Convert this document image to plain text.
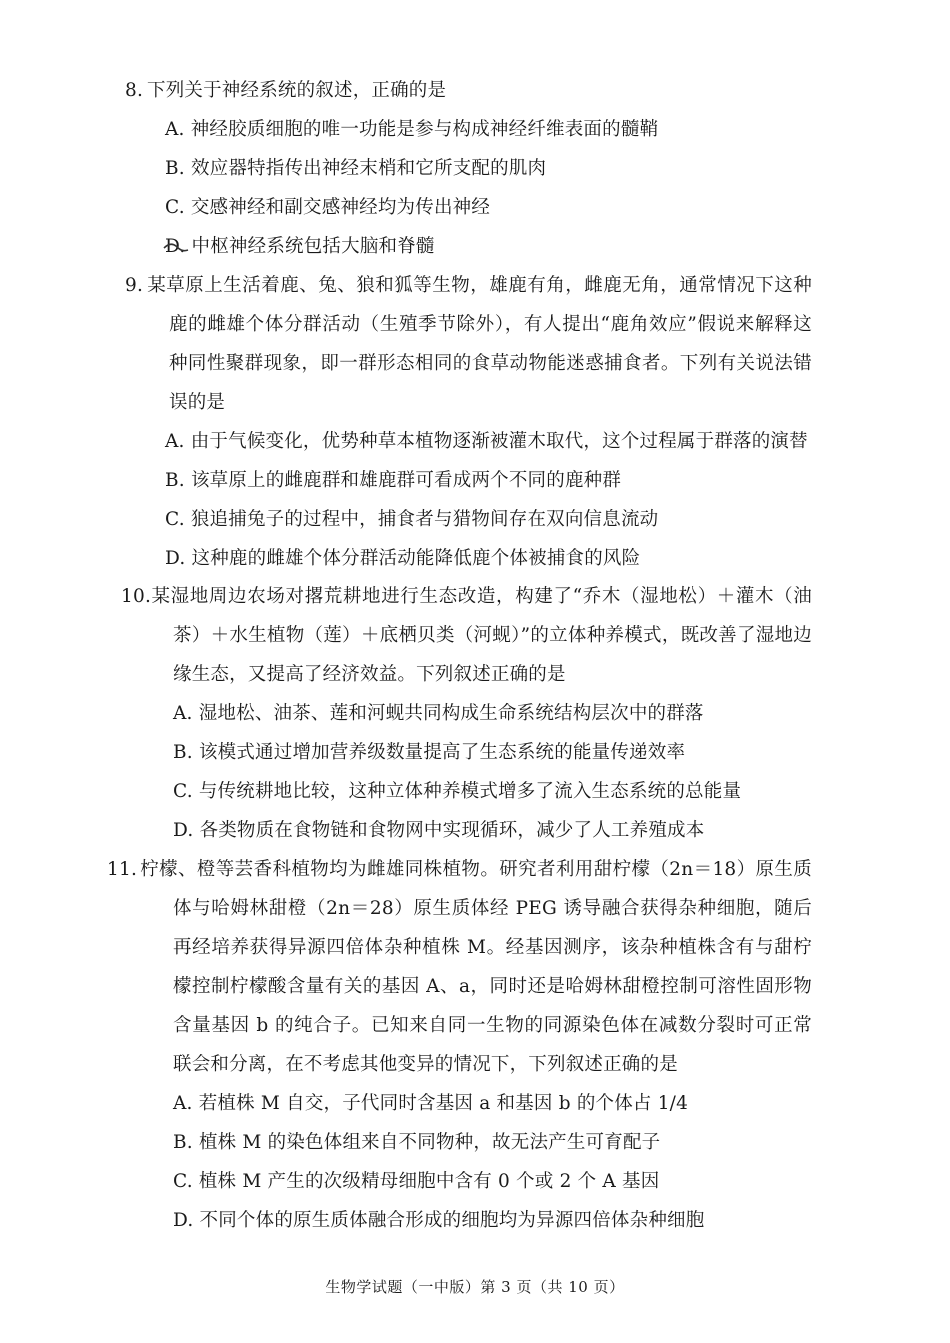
8. 下列关于神经系统的叙述，正确的是

A. 神经胶质细胞的唯一功能是参与构成神经纤维表面的髓鞘
B. 效应器特指传出神经末梢和它所支配的肌肉
C. 交感神经和副交感神经均为传出神经
D. 中枢神经系统包括大脑和脊髓

9. 某草原上生活着鹿、兔、狼和狐等生物，雄鹿有角，雌鹿无角，通常情况下这种鹿的雌雄个体分群活动（生殖季节除外），有人提出“鹿角效应”假说来解释这种同性聚群现象，即一群形态相同的食草动物能迷惑捕食者。下列有关说法错误的是

A. 由于气候变化，优势种草本植物逐渐被灌木取代，这个过程属于群落的演替
B. 该草原上的雌鹿群和雄鹿群可看成两个不同的鹿种群
C. 狼追捕兔子的过程中，捕食者与猎物间存在双向信息流动
D. 这种鹿的雌雄个体分群活动能降低鹿个体被捕食的风险

10.某湿地周边农场对撂荒耕地进行生态改造，构建了“乔木（湿地松）＋灌木（油茶）＋水生植物（莲）＋底栖贝类（河蚬）”的立体种养模式，既改善了湿地边缘生态，又提高了经济效益。下列叙述正确的是

A. 湿地松、油茶、莲和河蚬共同构成生命系统结构层次中的群落
B. 该模式通过增加营养级数量提高了生态系统的能量传递效率
C. 与传统耕地比较，这种立体种养模式增多了流入生态系统的总能量
D. 各类物质在食物链和食物网中实现循环，减少了人工养殖成本

11. 柠檬、橙等芸香科植物均为雌雄同株植物。研究者利用甜柠檬（2n＝18）原生质体与哈姆林甜橙（2n＝28）原生质体经 PEG 诱导融合获得杂种细胞，随后再经培养获得异源四倍体杂种植株 M。经基因测序，该杂种植株含有与甜柠檬控制柠檬酸含量有关的基因 A、a，同时还是哈姆林甜橙控制可溶性固形物含量基因 b 的纯合子。已知来自同一生物的同源染色体在减数分裂时可正常联会和分离，在不考虑其他变异的情况下，下列叙述正确的是

A. 若植株 M 自交，子代同时含基因 a 和基因 b 的个体占 1/4
B. 植株 M 的染色体组来自不同物种，故无法产生可育配子
C. 植株 M 产生的次级精母细胞中含有 0 个或 2 个 A 基因
D. 不同个体的原生质体融合形成的细胞均为异源四倍体杂种细胞
生物学试题（一中版）第 3 页（共 10 页）
